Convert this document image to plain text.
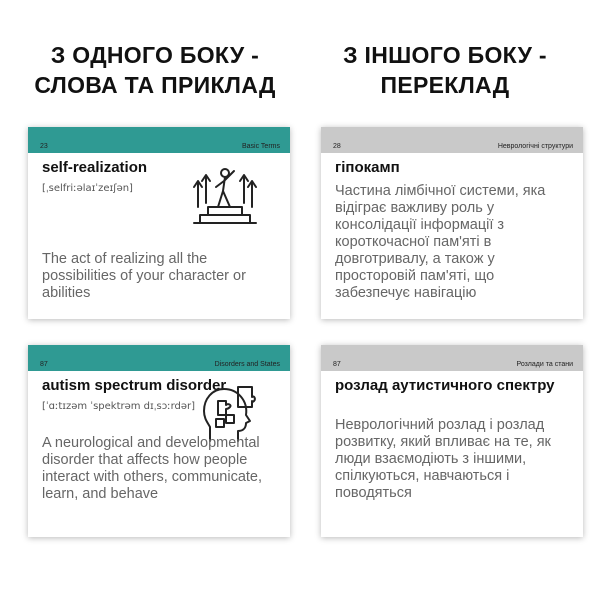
З ОДНОГО БОКУ -
СЛОВА ТА ПРИКЛАД
З ІНШОГО БОКУ -
ПЕРЕКЛАД
23	Basic Terms
self-realization
[ˌselfriːəlaɪˈzeɪʃən]
The act of realizing all the possibilities of your character or abilities
28	Неврологічні структури
гіпокамп
Частина лімбічної системи, яка відіграє важливу роль у консолідації інформації з короткочасної пам'яті в довготривалу, а також у просторовій пам'яті, що забезпечує навігацію
87	Disorders and States
autism spectrum disorder
[ˈɑːtɪzəm ˈspektrəm dɪˌsɔːrdər]
A neurological and developmental disorder that affects how people interact with others, communicate, learn, and behave
87	Розлади та стани
розлад аутистичного спектру
Неврологічний розлад і розлад розвитку, який впливає на те, як люди взаємодіють з іншими, спілкуються, навчаються і поводяться
